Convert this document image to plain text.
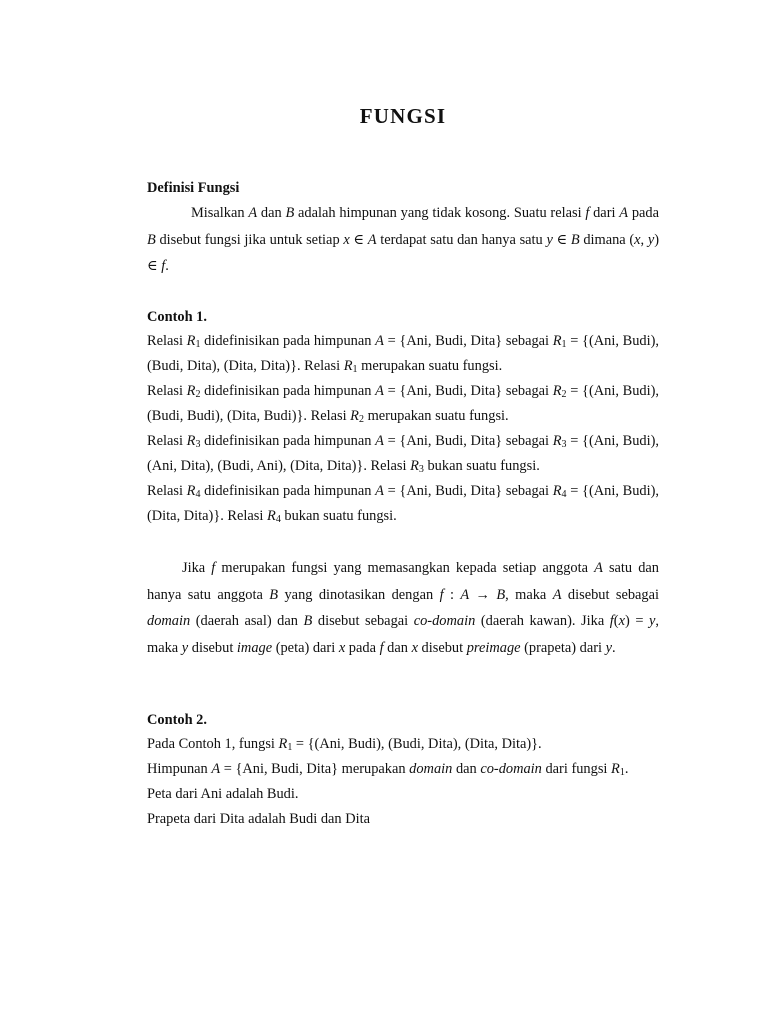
FUNGSI
Definisi Fungsi

Misalkan A dan B adalah himpunan yang tidak kosong. Suatu relasi f dari A pada B disebut fungsi jika untuk setiap x ∈ A terdapat satu dan hanya satu y ∈ B dimana (x, y) ∈ f.

Contoh 1.

Relasi $R_1$ didefinisikan pada himpunan A = {Ani, Budi, Dita} sebagai $R_1 = \{(Ani$, Budi), (Budi, Dita), (Dita, Dita)}. Relasi $R_1$ merupakan suatu fungsi.

Relasi $R_2$ didefinisikan pada himpunan A = {Ani, Budi, Dita} sebagai $R_2 = \{(Ani$, Budi), (Budi, Budi), (Dita, Budi)}. Relasi $R_2$ merupakan suatu fungsi.

Relasi $R_3$ didefinisikan pada himpunan A = {Ani, Budi, Dita} sebagai $R_3 = \{(Ani$, Budi), (Ani, Dita), (Budi, Ani), (Dita, Dita)}. Relasi $R_3$ bukan suatu fungsi.

Relasi $R_4$ didefinisikan pada himpunan A = {Ani, Budi, Dita} sebagai $R_4 = \{(Ani$, Budi), (Dita, Dita)}. Relasi $R_4$ bukan suatu fungsi.

Jika f merupakan fungsi yang memasangkan kepada setiap anggota A satu dan hanya satu anggota B yang dinotasikan dengan f : A → B, maka A disebut sebagai domain (daerah asal) dan B disebut sebagai co-domain (daerah kawan). Jika f(x) = y, maka y disebut image (peta) dari x pada f dan x disebut preimage (prapeta) dari y.

Contoh 2.

Pada Contoh 1, fungsi $R_1 = \{(Ani$, Budi), (Budi, Dita), (Dita, Dita)}.

Himpunan A = {Ani, Budi, Dita} merupakan domain dan co-domain dari fungsi $R_1$.

Peta dari Ani adalah Budi.

Prapeta dari Dita adalah Budi dan Dita
